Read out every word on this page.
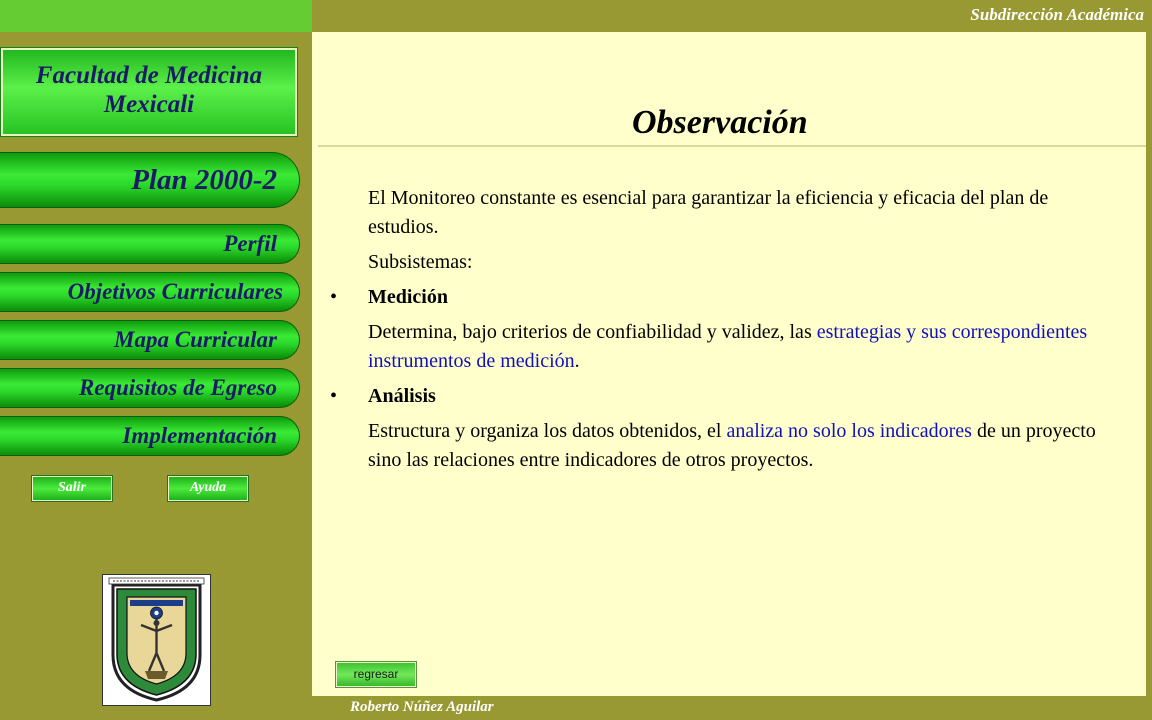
Subdirección Académica
Facultad de Medicina
Mexicali
Plan 2000-2
Perfil
Objetivos Curriculares
Mapa Curricular
Requisitos de Egreso
Implementación
Salir	Ayuda
Observación

El Monitoreo constante es esencial para garantizar la eficiencia y eficacia del plan de estudios.

Subsistemas:

• Medición

Determina, bajo criterios de confiabilidad y validez, las estrategias y sus correspondientes instrumentos de medición.

• Análisis

Estructura y organiza los datos obtenidos, el analiza no solo los indicadores de un proyecto sino las relaciones entre indicadores de otros proyectos.

regresar
Roberto Núñez Aguilar
